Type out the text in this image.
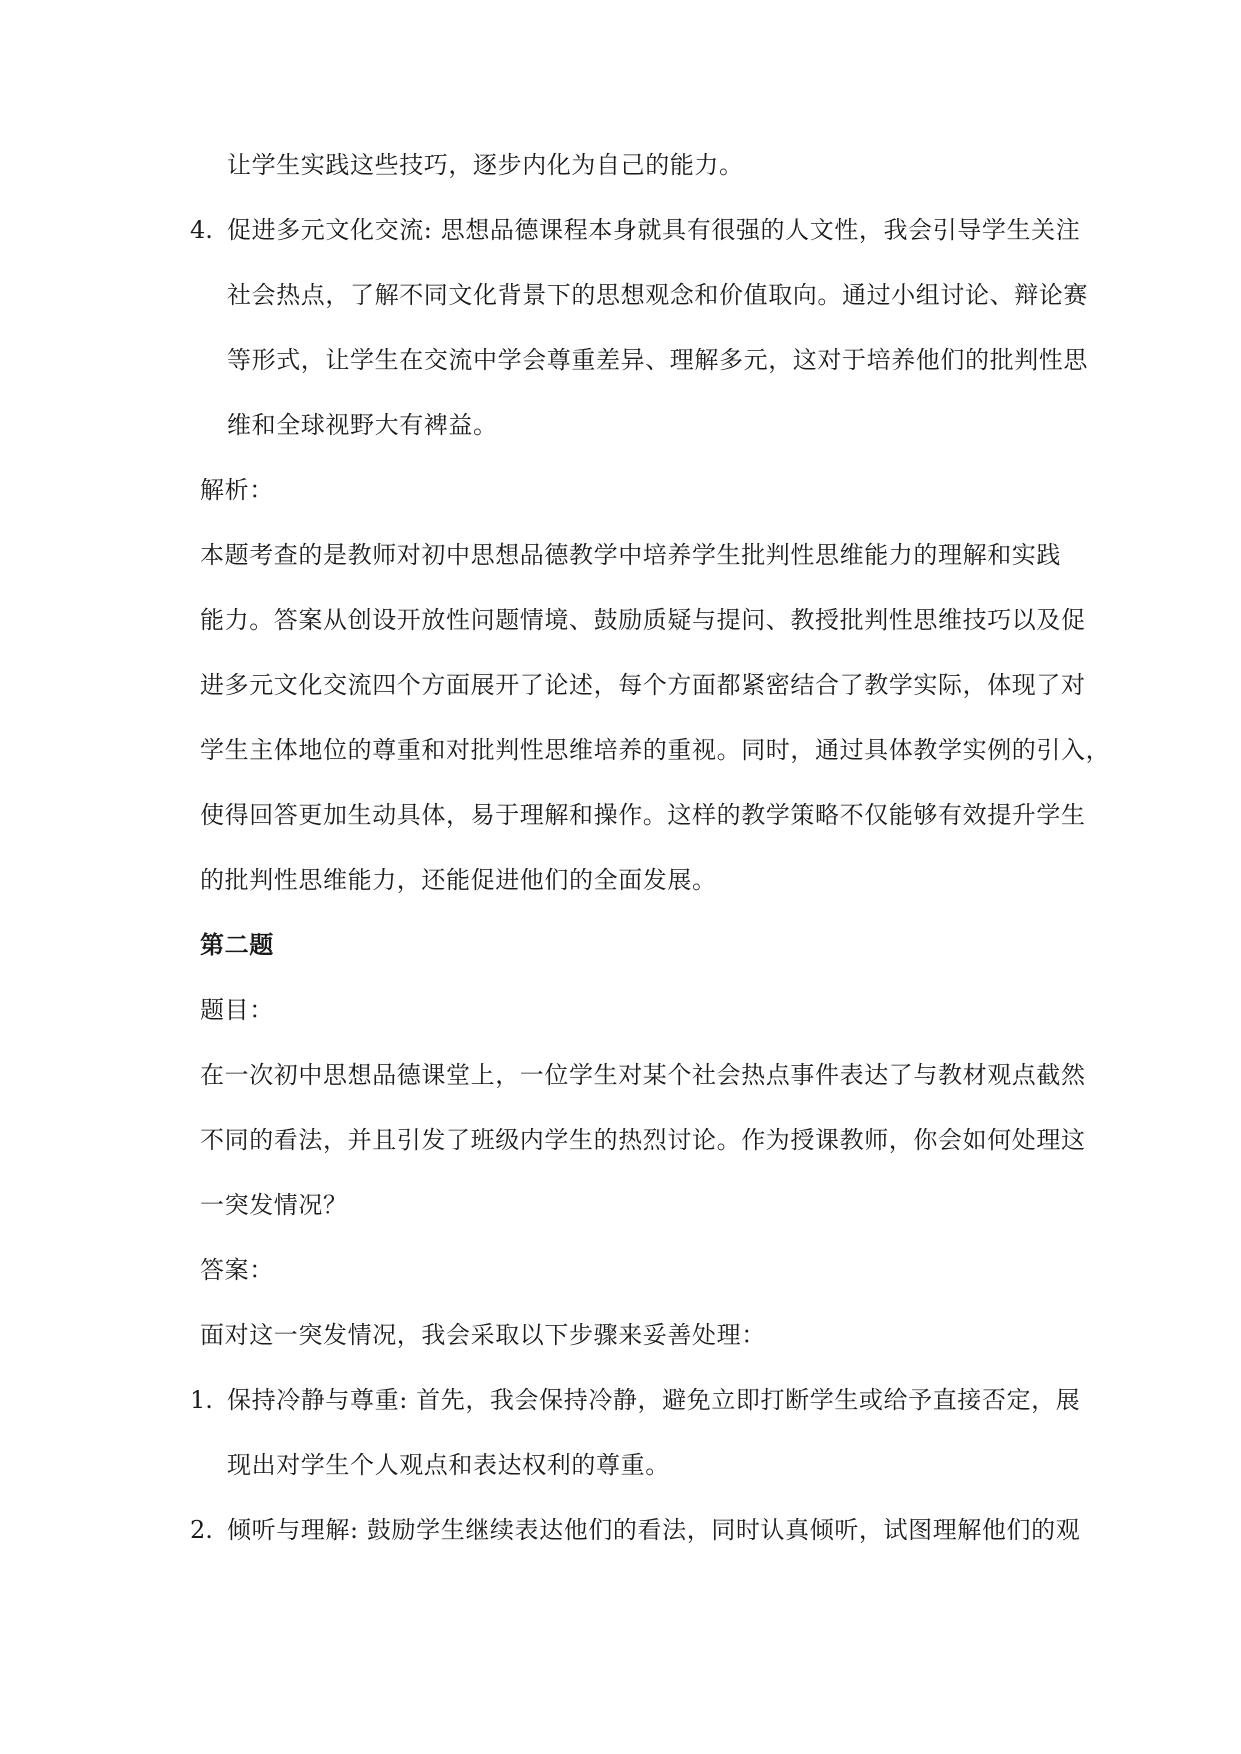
让学生实践这些技巧，逐步内化为自己的能力。
4. 促进多元文化交流: 思想品德课程本身就具有很强的人文性，我会引导学生关注
社会热点，了解不同文化背景下的思想观念和价值取向。通过小组讨论、辩论赛
等形式，让学生在交流中学会尊重差异、理解多元，这对于培养他们的批判性思
维和全球视野大有裨益。
解析：
本题考查的是教师对初中思想品德教学中培养学生批判性思维能力的理解和实践
能力。答案从创设开放性问题情境、鼓励质疑与提问、教授批判性思维技巧以及促
进多元文化交流四个方面展开了论述，每个方面都紧密结合了教学实际，体现了对
学生主体地位的尊重和对批判性思维培养的重视。同时，通过具体教学实例的引入，
使得回答更加生动具体，易于理解和操作。这样的教学策略不仅能够有效提升学生
的批判性思维能力，还能促进他们的全面发展。
第二题
题目：
在一次初中思想品德课堂上，一位学生对某个社会热点事件表达了与教材观点截然
不同的看法，并且引发了班级内学生的热烈讨论。作为授课教师，你会如何处理这
一突发情况？
答案：
面对这一突发情况，我会采取以下步骤来妥善处理：
1. 保持冷静与尊重: 首先，我会保持冷静，避免立即打断学生或给予直接否定，展
现出对学生个人观点和表达权利的尊重。
2. 倾听与理解: 鼓励学生继续表达他们的看法，同时认真倾听，试图理解他们的观
